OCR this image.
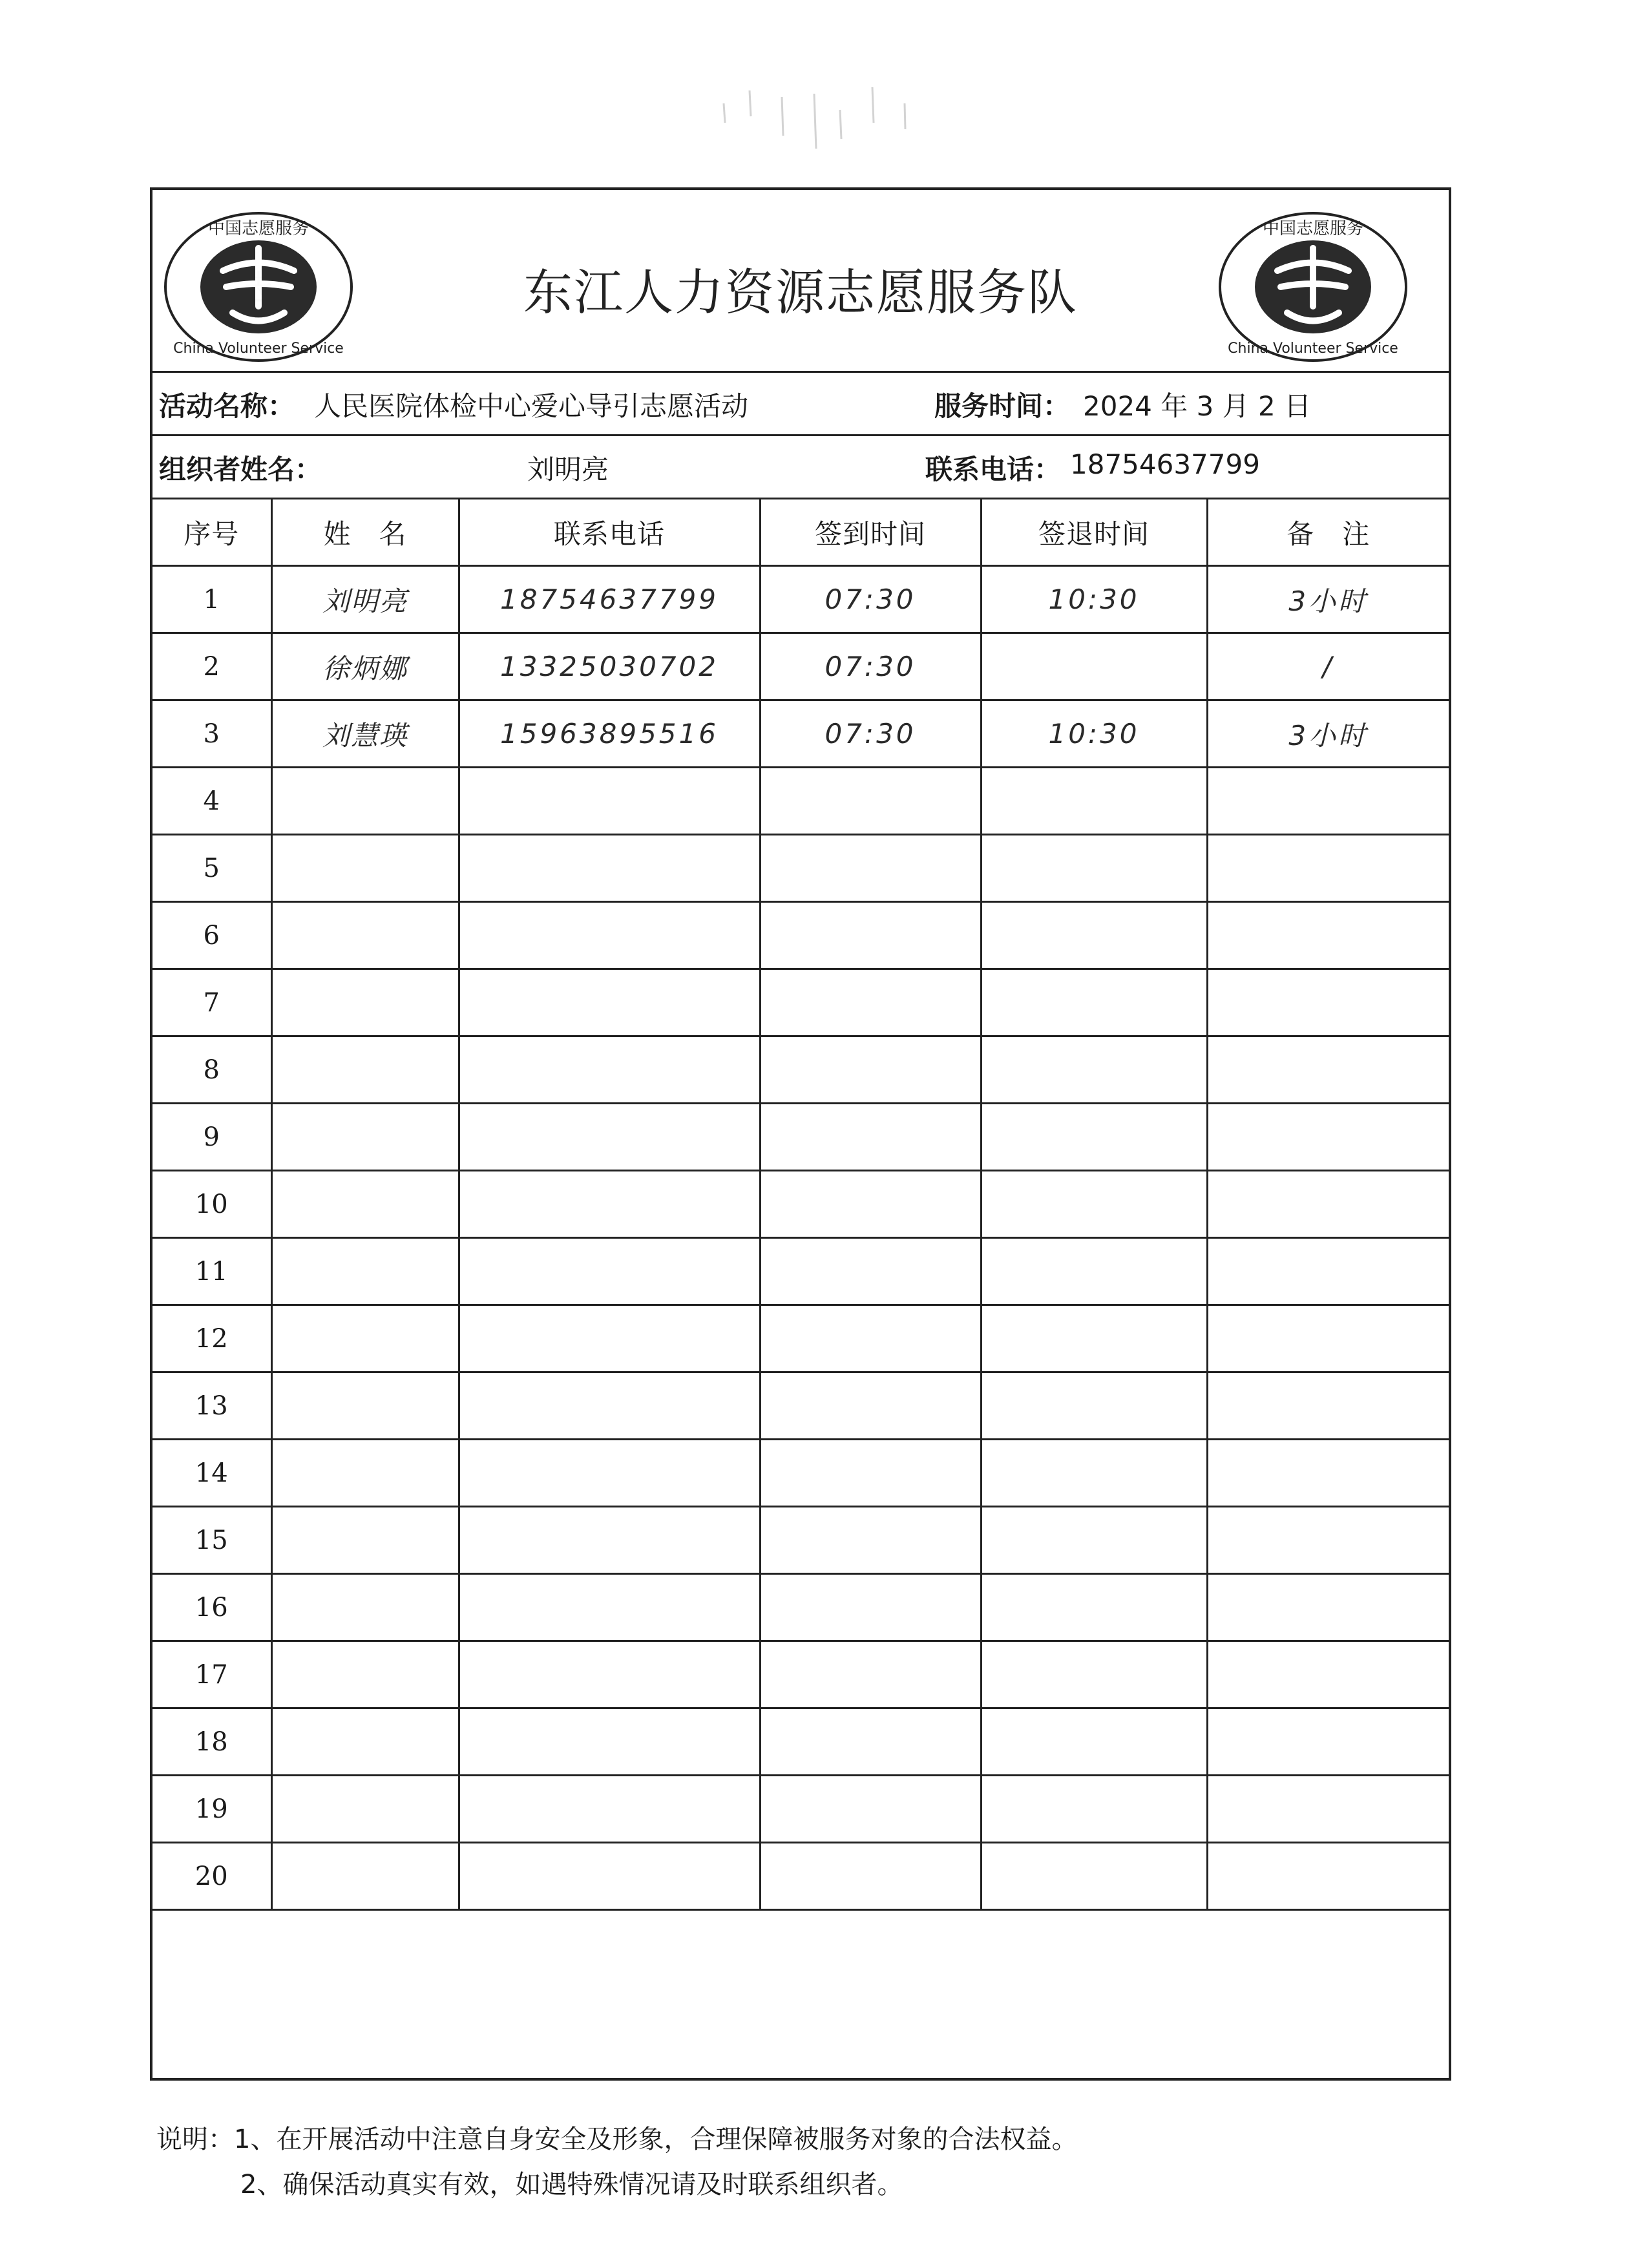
中国志愿服务
China Volunteer Service
东江人力资源志愿服务队
中国志愿服务
China Volunteer Service
活动名称： 人民医院体检中心爱心导引志愿活动	服务时间： 2024 年 3 月 2 日
组织者姓名：	刘明亮	联系电话： 18754637799
序号	姓　名	联系电话	签到时间	签退时间	备　注
1	刘明亮	18754637799	07:30	10:30	3小时
2	徐炳娜	13325030702	07:30		/
3	刘慧瑛	15963895516	07:30	10:30	3小时
4					
5					
6					
7					
8					
9					
10					
11					
12					
13					
14					
15					
16					
17					
18					
19					
20					
说明：1、在开展活动中注意自身安全及形象，合理保障被服务对象的合法权益。
2、确保活动真实有效，如遇特殊情况请及时联系组织者。
